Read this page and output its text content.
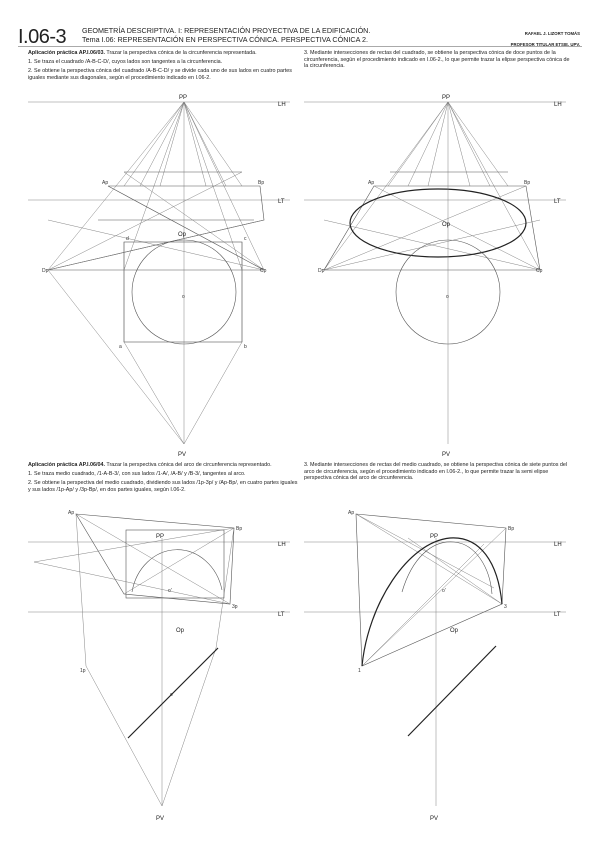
I.06-3 GEOMETRÍA DESCRIPTIVA. I: REPRESENTACIÓN PROYECTIVA DE LA EDIFICACIÓN.
Tema I.06: REPRESENTACIÓN EN PERSPECTIVA CÓNICA. PERSPECTIVA CÓNICA 2.
RAFAEL J. LIZORT TOMÁS
PROFESOR TITULAR ETSIE. UPV.

Aplicación práctica AP.I.06/03. Trazar la perspectiva cónica de la circunferencia representada.

1. Se traza el cuadrado /A-B-C-D/, cuyos lados son tangentes a la circunferencia.

2. Se obtiene la perspectiva cónica del cuadrado /A-B-C-D/ y se divide cada uno de sus lados en cuatro partes iguales mediante sus diagonales, según el procedimiento indicado en I.06-2.

3. Mediante intersecciones de rectas del cuadrado, se obtiene la perspectiva cónica de doce puntos de la circunferencia, según el procedimiento indicado en I.06-2., lo que permite trazar la elipse perspectiva cónica de la circunferencia.

Aplicación práctica AP.I.06/04. Trazar la perspectiva cónica del arco de circunferencia representado.

1. Se traza medio cuadrado, /1-A-B-3/, con sus lados /1-A/, /A-B/ y /B-3/, tangentes al arco.

2. Se obtiene la perspectiva del medio cuadrado, dividiendo sus lados /1p-3p/ y /Ap-Bp/, en cuatro partes iguales y sus lados /1p-Ap/ y /3p-Bp/, en dos partes iguales, según I.06-2.

3. Mediante intersecciones de rectas del medio cuadrado, se obtiene la perspectiva cónica de siete puntos del arco de circunferencia, según el procedimiento indicado en I.06-2., lo que permite trazar la semi elipse perspectiva cónica del arco de circunferencia.

PP
LH
LT
Op
Ap	Bp
Dp	Cp
o
a	b
d	c
PV
PP
LH
LT
Op
Ap	Bp
Dp	Cp
o
PV
PP
LH
LT
Op
Ap
Bp
3p
1p
o'
o
PV
PP
LH
LT
Op
Ap
Bp
3
1
o'
PV
